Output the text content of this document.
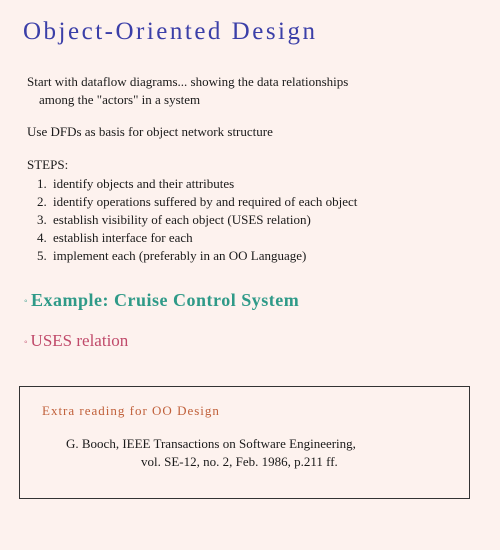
Object-Oriented Design
Start with dataflow diagrams... showing the data relationships
among the "actors" in a system
Use DFDs as basis for object network structure
STEPS:
1. identify objects and their attributes
2. identify operations suffered by and required of each object
3. establish visibility of each object (USES relation)
4. establish interface for each
5. implement each (preferably in an OO Language)
◦ Example: Cruise Control System
◦ USES relation
Extra reading for OO Design
G. Booch, IEEE Transactions on Software Engineering,
vol. SE-12, no. 2, Feb. 1986, p.211 ff.
